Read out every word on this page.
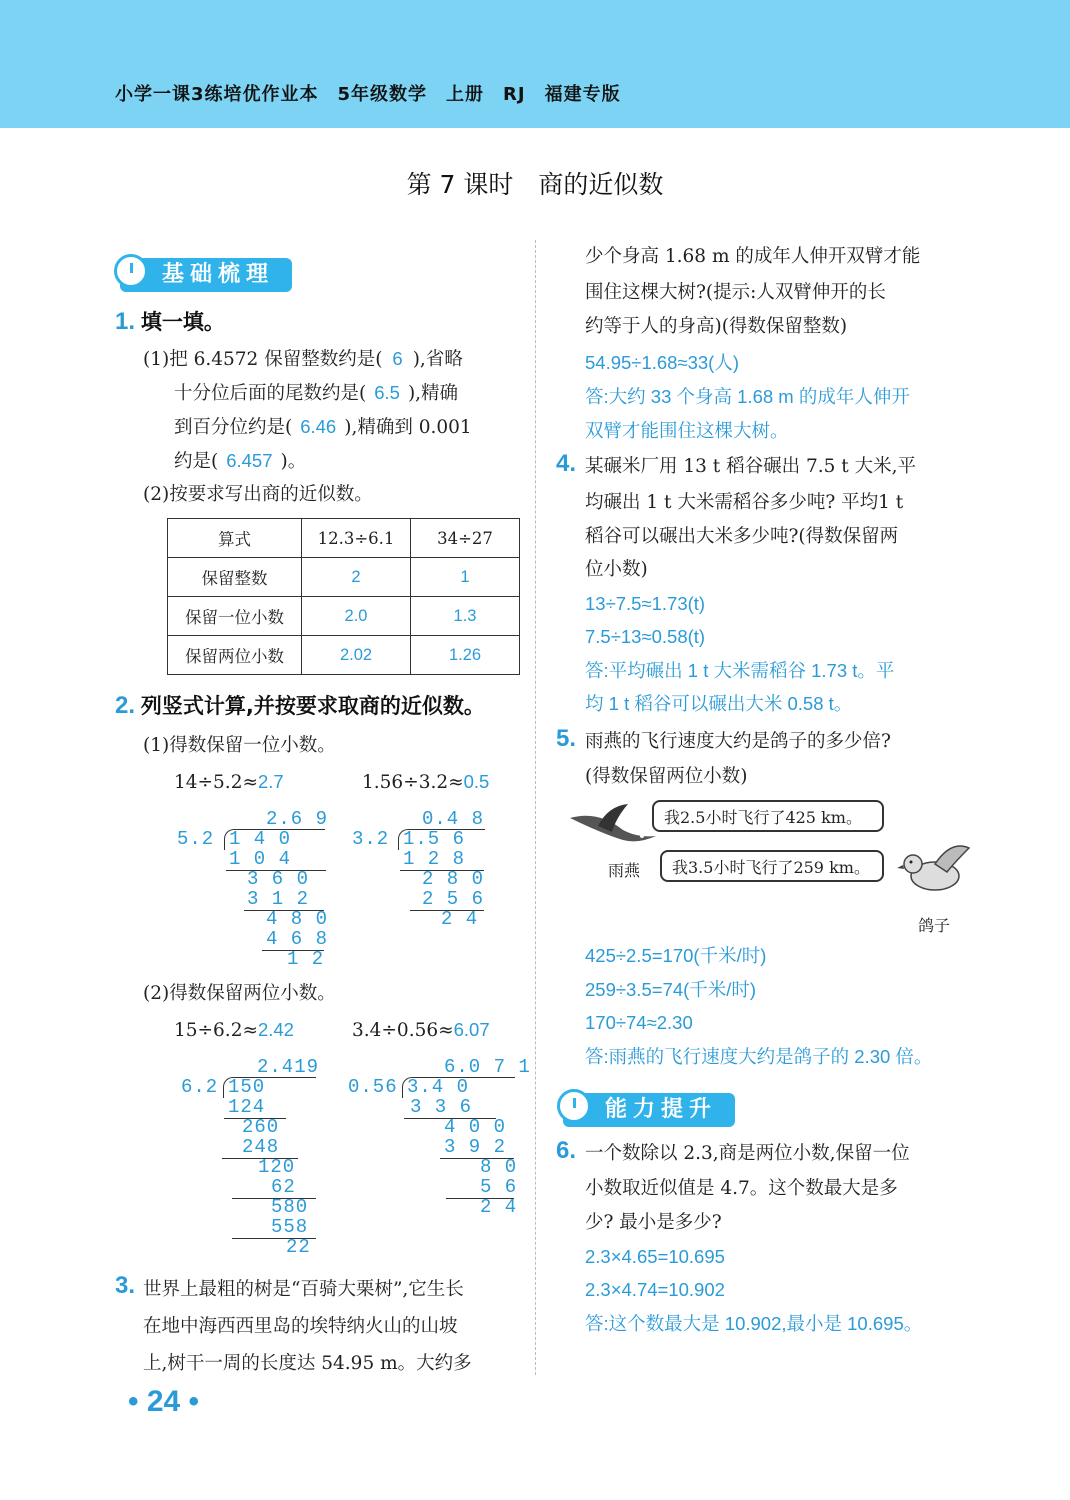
小学一课3练培优作业本　5年级数学　上册　RJ　福建专版
第 7 课时　商的近似数
基础梳理
1. 填一填。
(1)把 6.4572 保留整数约是( 6 ),省略
十分位后面的尾数约是( 6.5 ),精确
到百分位约是( 6.46 ),精确到 0.001
约是( 6.457 )。
(2)按要求写出商的近似数。
算式	12.3÷6.1	34÷27
保留整数	2	1
保留一位小数	2.0	1.3
保留两位小数	2.02	1.26
2. 列竖式计算,并按要求取商的近似数。
(1)得数保留一位小数。
14÷5.2≈2.7	1.56÷3.2≈0.5
2.6 9
5.2 1 4 0
1 0 4
3 6 0
3 1 2
4 8 0
4 6 8
1 2
0.4 8
3.2 1.5 6
1 2 8
2 8 0
2 5 6
2 4
(2)得数保留两位小数。
15÷6.2≈2.42	3.4÷0.56≈6.07
2.419
6.2 150
124
260
248
120
62
580
558
22
6.0 7 1
0.56 3.4 0
3 3 6
4 0 0
3 9 2
8 0
5 6
2 4
3. 世界上最粗的树是“百骑大栗树”,它生长
在地中海西西里岛的埃特纳火山的山坡
上,树干一周的长度达 54.95 m。大约多
少个身高 1.68 m 的成年人伸开双臂才能
围住这棵大树?(提示:人双臂伸开的长
约等于人的身高)(得数保留整数)
54.95÷1.68≈33(人)
答:大约 33 个身高 1.68 m 的成年人伸开
双臂才能围住这棵大树。
4. 某碾米厂用 13 t 稻谷碾出 7.5 t 大米,平
均碾出 1 t 大米需稻谷多少吨? 平均1 t
稻谷可以碾出大米多少吨?(得数保留两
位小数)
13÷7.5≈1.73(t)
7.5÷13≈0.58(t)
答:平均碾出 1 t 大米需稻谷 1.73 t。平
均 1 t 稻谷可以碾出大米 0.58 t。
5. 雨燕的飞行速度大约是鸽子的多少倍?
(得数保留两位小数)
雨燕
我2.5小时飞行了425 km。
我3.5小时飞行了259 km。
鸽子
425÷2.5=170(千米/时)
259÷3.5=74(千米/时)
170÷74≈2.30
答:雨燕的飞行速度大约是鸽子的 2.30 倍。
能力提升
6. 一个数除以 2.3,商是两位小数,保留一位
小数取近似值是 4.7。这个数最大是多
少? 最小是多少?
2.3×4.65=10.695
2.3×4.74=10.902
答:这个数最大是 10.902,最小是 10.695。
• 24 •
